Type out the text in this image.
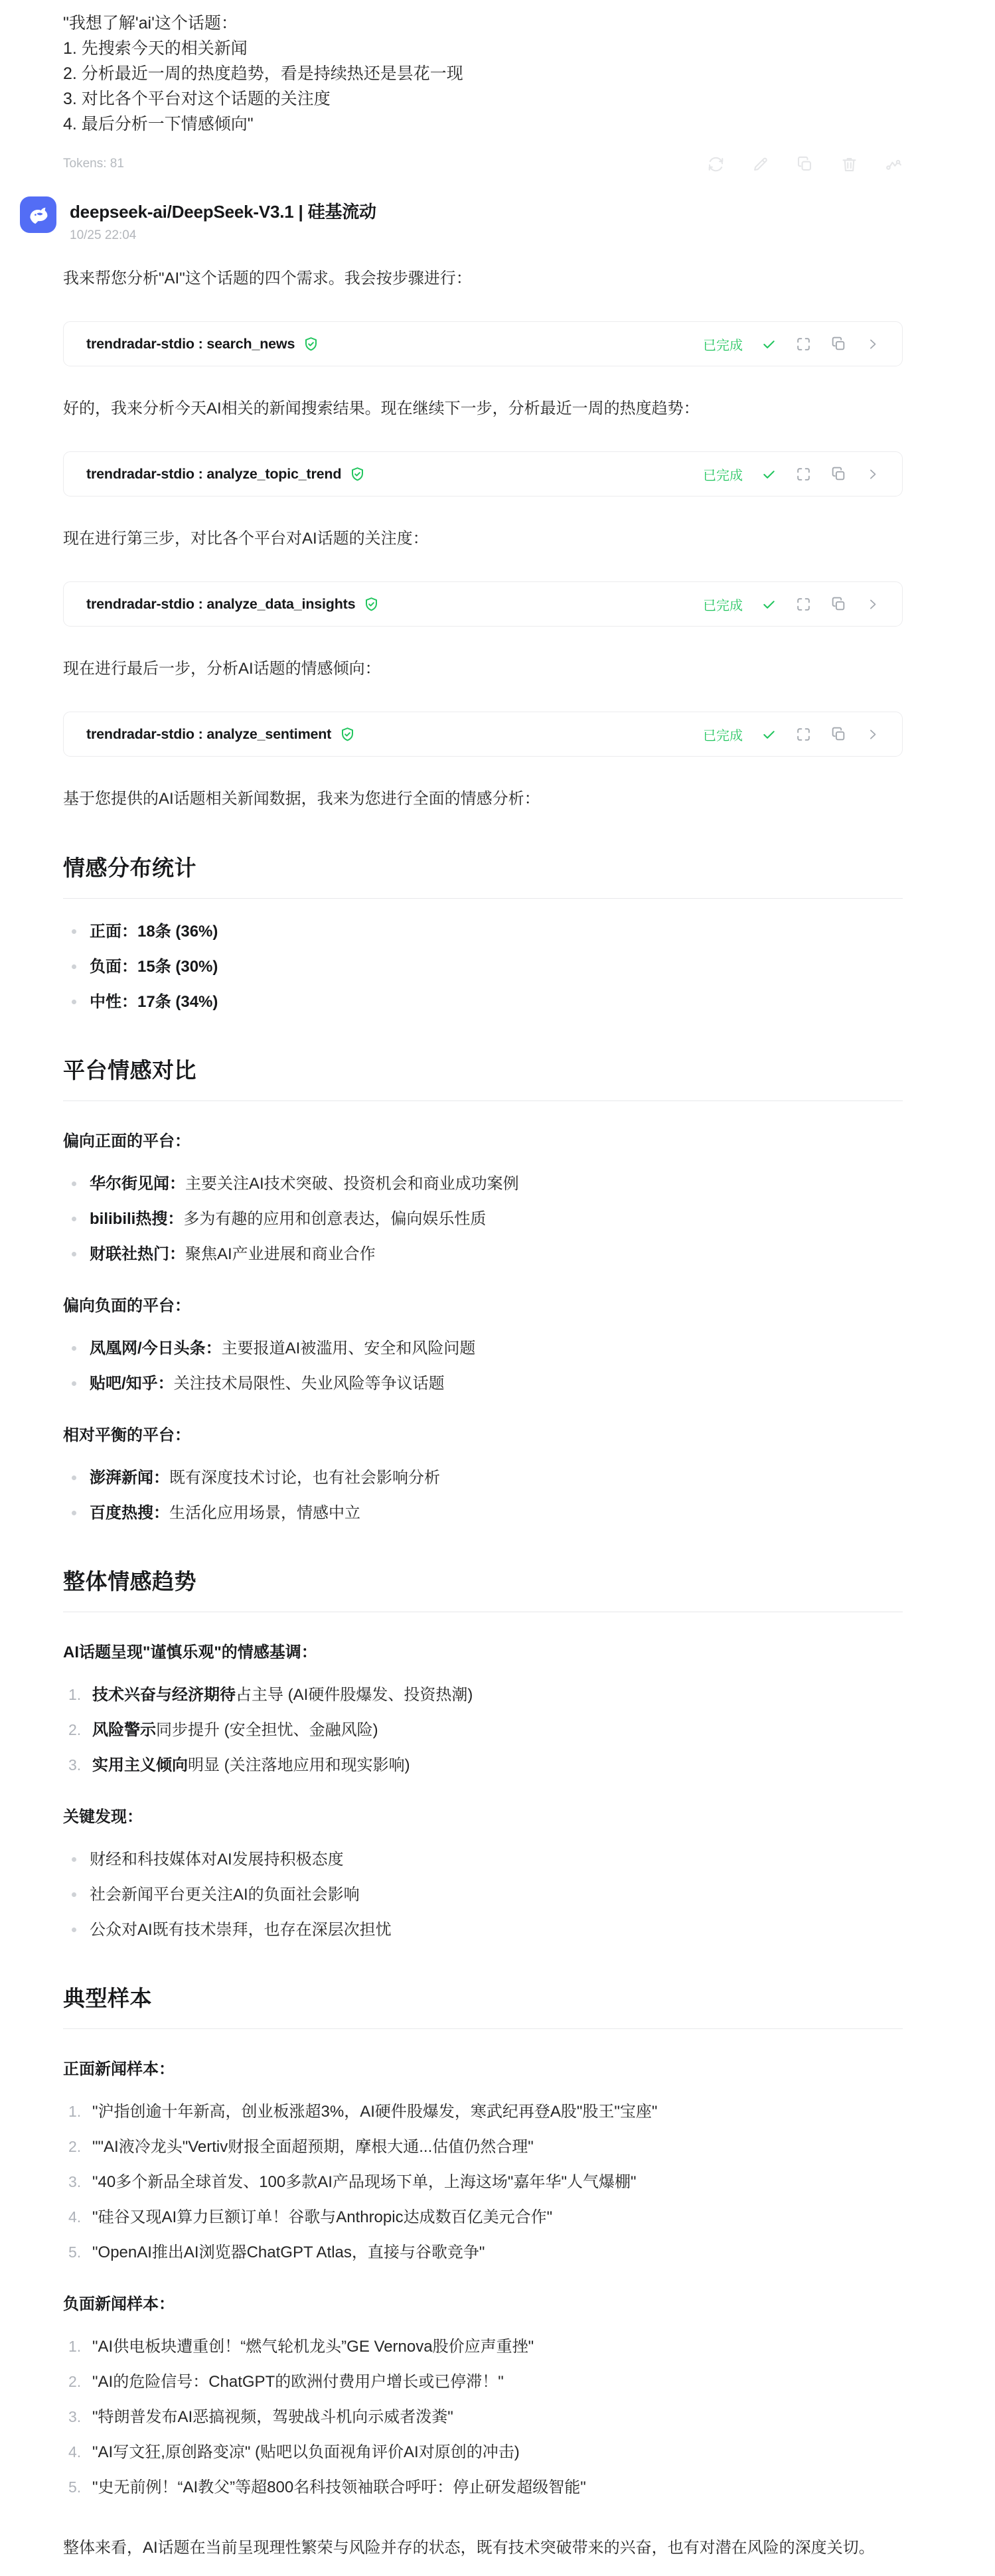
"我想了解'ai'这个话题：
1. 先搜索今天的相关新闻
2. 分析最近一周的热度趋势，看是持续热还是昙花一现
3. 对比各个平台对这个话题的关注度
4. 最后分析一下情感倾向"
Tokens: 81
deepseek-ai/DeepSeek-V3.1 | 硅基流动
10/25 22:04

我来帮您分析"AI"这个话题的四个需求。我会按步骤进行：

trendradar-stdio : search_news	已完成

好的，我来分析今天AI相关的新闻搜索结果。现在继续下一步，分析最近一周的热度趋势：

trendradar-stdio : analyze_topic_trend	已完成

现在进行第三步，对比各个平台对AI话题的关注度：

trendradar-stdio : analyze_data_insights	已完成

现在进行最后一步，分析AI话题的情感倾向：

trendradar-stdio : analyze_sentiment	已完成

基于您提供的AI话题相关新闻数据，我来为您进行全面的情感分析：

情感分布统计
正面：18条 (36%)
负面：15条 (30%)
中性：17条 (34%)
平台情感对比

偏向正面的平台：

华尔街见闻：主要关注AI技术突破、投资机会和商业成功案例
bilibili热搜：多为有趣的应用和创意表达，偏向娱乐性质
财联社热门：聚焦AI产业进展和商业合作

偏向负面的平台：

凤凰网/今日头条：主要报道AI被滥用、安全和风险问题
贴吧/知乎：关注技术局限性、失业风险等争议话题

相对平衡的平台：

澎湃新闻：既有深度技术讨论，也有社会影响分析
百度热搜：生活化应用场景，情感中立
整体情感趋势

AI话题呈现"谨慎乐观"的情感基调：

技术兴奋与经济期待占主导 (AI硬件股爆发、投资热潮)
风险警示同步提升 (安全担忧、金融风险)
实用主义倾向明显 (关注落地应用和现实影响)

关键发现：

财经和科技媒体对AI发展持积极态度
社会新闻平台更关注AI的负面社会影响
公众对AI既有技术崇拜，也存在深层次担忧
典型样本

正面新闻样本：

"沪指创逾十年新高，创业板涨超3%，AI硬件股爆发，寒武纪再登A股"股王"宝座"
""AI液冷龙头"Vertiv财报全面超预期，摩根大通...估值仍然合理"
"40多个新品全球首发、100多款AI产品现场下单，上海这场"嘉年华"人气爆棚"
"硅谷又现AI算力巨额订单！谷歌与Anthropic达成数百亿美元合作"
"OpenAI推出AI浏览器ChatGPT Atlas，直接与谷歌竞争"

负面新闻样本：

"AI供电板块遭重创！“燃气轮机龙头”GE Vernova股价应声重挫"
"AI的危险信号：ChatGPT的欧洲付费用户增长或已停滞！"
"特朗普发布AI恶搞视频，驾驶战斗机向示威者泼粪"
"AI写文狂,原创路变凉" (贴吧以负面视角评价AI对原创的冲击)
"史无前例！“AI教父”等超800名科技领袖联合呼吁：停止研发超级智能"

整体来看，AI话题在当前呈现理性繁荣与风险并存的状态，既有技术突破带来的兴奋，也有对潜在风险的深度关切。
